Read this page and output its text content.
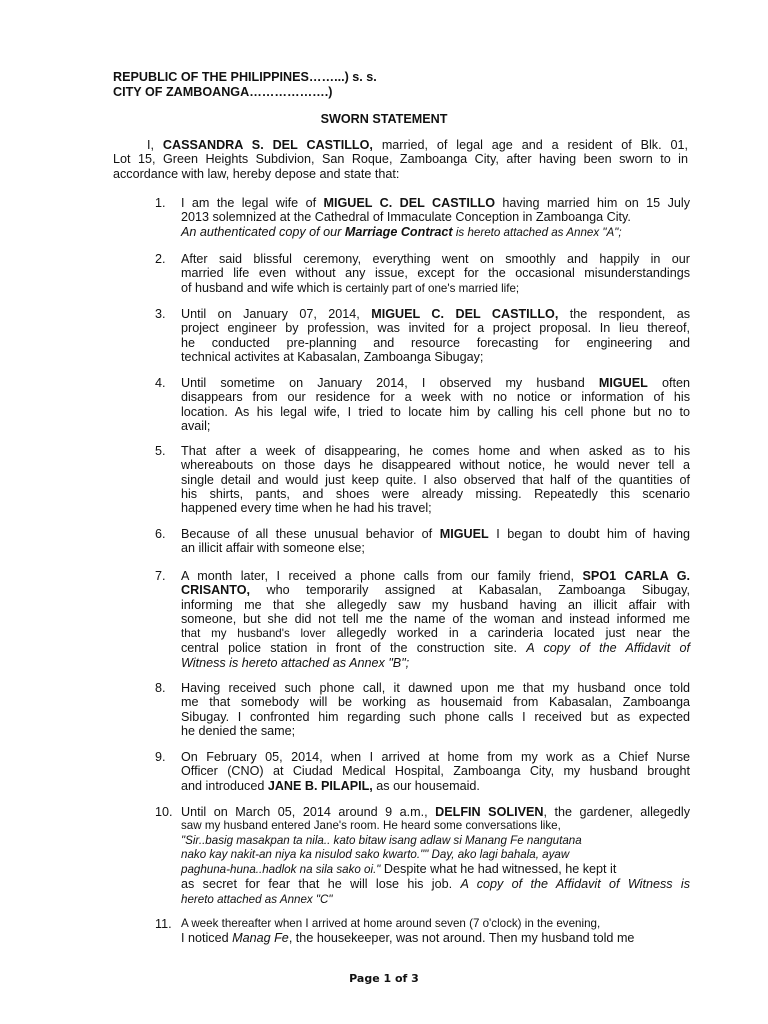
REPUBLIC OF THE PHILIPPINES……...) s. s.
CITY OF ZAMBOANGA……………….)
SWORN STATEMENT
I, CASSANDRA S. DEL CASTILLO, married, of legal age and a resident of Blk. 01,
Lot 15, Green Heights Subdivion, San Roque, Zamboanga City, after having been sworn to in
accordance with law, hereby depose and state that:
1. I am the legal wife of MIGUEL C. DEL CASTILLO having married him on 15 July
2013 solemnized at the Cathedral of Immaculate Conception in Zamboanga City.
An authenticated copy of our Marriage Contract is hereto attached as Annex "A";
2. After said blissful ceremony, everything went on smoothly and happily in our
married life even without any issue, except for the occasional misunderstandings
of husband and wife which is certainly part of one's married life;
3. Until on January 07, 2014, MIGUEL C. DEL CASTILLO, the respondent, as
project engineer by profession, was invited for a project proposal. In lieu thereof,
he conducted pre-planning and resource forecasting for engineering and
technical activites at Kabasalan, Zamboanga Sibugay;
4. Until sometime on January 2014, I observed my husband MIGUEL often
disappears from our residence for a week with no notice or information of his
location. As his legal wife, I tried to locate him by calling his cell phone but no to
avail;
5. That after a week of disappearing, he comes home and when asked as to his
whereabouts on those days he disappeared without notice, he would never tell a
single detail and would just keep quite. I also observed that half of the quantities of
his shirts, pants, and shoes were already missing. Repeatedly this scenario
happened every time when he had his travel;
6. Because of all these unusual behavior of MIGUEL I began to doubt him of having
an illicit affair with someone else;
7. A month later, I received a phone calls from our family friend, SPO1 CARLA G.
CRISANTO, who temporarily assigned at Kabasalan, Zamboanga Sibugay,
informing me that she allegedly saw my husband having an illicit affair with
someone, but she did not tell me the name of the woman and instead informed me
that my husband's lover allegedly worked in a carinderia located just near the
central police station in front of the construction site. A copy of the Affidavit of
Witness is hereto attached as Annex "B";
8. Having received such phone call, it dawned upon me that my husband once told
me that somebody will be working as housemaid from Kabasalan, Zamboanga
Sibugay. I confronted him regarding such phone calls I received but as expected
he denied the same;
9. On February 05, 2014, when I arrived at home from my work as a Chief Nurse
Officer (CNO) at Ciudad Medical Hospital, Zamboanga City, my husband brought
and introduced JANE B. PILAPIL, as our housemaid.
10. Until on March 05, 2014 around 9 a.m., DELFIN SOLIVEN, the gardener, allegedly
saw my husband entered Jane's room. He heard some conversations like,
"Sir..basig masakpan ta nila.. kato bitaw isang adlaw si Manang Fe nangutana
nako kay nakit-an niya ka nisulod sako kwarto."" Day, ako lagi bahala, ayaw
paghuna-huna..hadlok na sila sako oi." Despite what he had witnessed, he kept it
as secret for fear that he will lose his job. A copy of the Affidavit of Witness is
hereto attached as Annex "C"
11. A week thereafter when I arrived at home around seven (7 o'clock) in the evening,
I noticed Manag Fe, the housekeeper, was not around. Then my husband told me
Page 1 of 3
